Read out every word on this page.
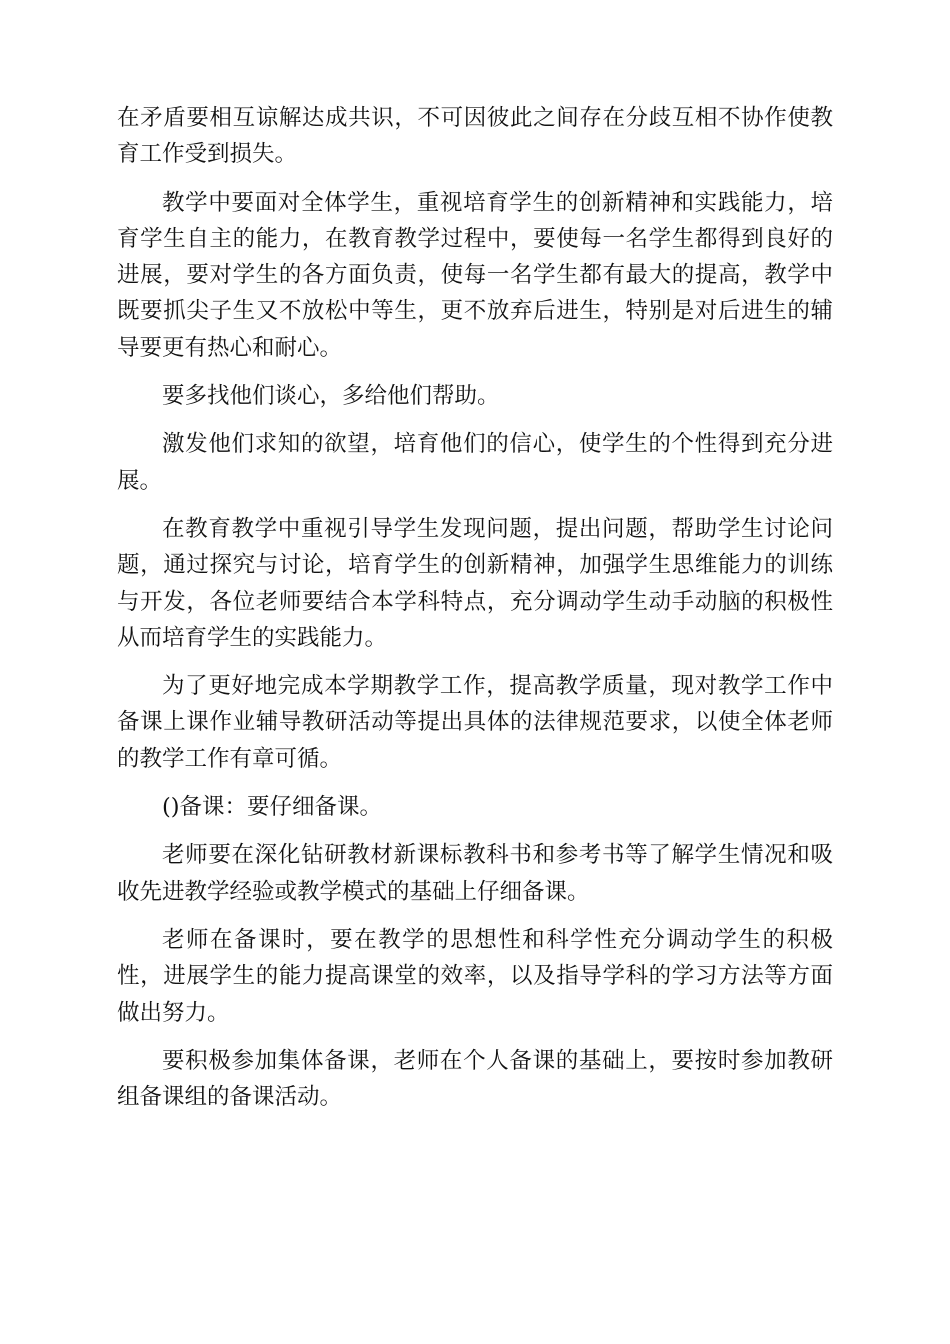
在矛盾要相互谅解达成共识，不可因彼此之间存在分歧互相不协作使教育工作受到损失。

教学中要面对全体学生，重视培育学生的创新精神和实践能力，培育学生自主的能力，在教育教学过程中，要使每一名学生都得到良好的进展，要对学生的各方面负责，使每一名学生都有最大的提高，教学中既要抓尖子生又不放松中等生，更不放弃后进生，特别是对后进生的辅导要更有热心和耐心。

要多找他们谈心，多给他们帮助。

激发他们求知的欲望，培育他们的信心，使学生的个性得到充分进展。

在教育教学中重视引导学生发现问题，提出问题，帮助学生讨论问题，通过探究与讨论，培育学生的创新精神，加强学生思维能力的训练与开发，各位老师要结合本学科特点，充分调动学生动手动脑的积极性从而培育学生的实践能力。

为了更好地完成本学期教学工作，提高教学质量，现对教学工作中备课上课作业辅导教研活动等提出具体的法律规范要求，以使全体老师的教学工作有章可循。

()备课：要仔细备课。

老师要在深化钻研教材新课标教科书和参考书等了解学生情况和吸收先进教学经验或教学模式的基础上仔细备课。

老师在备课时，要在教学的思想性和科学性充分调动学生的积极性，进展学生的能力提高课堂的效率，以及指导学科的学习方法等方面做出努力。

要积极参加集体备课，老师在个人备课的基础上，要按时参加教研组备课组的备课活动。
